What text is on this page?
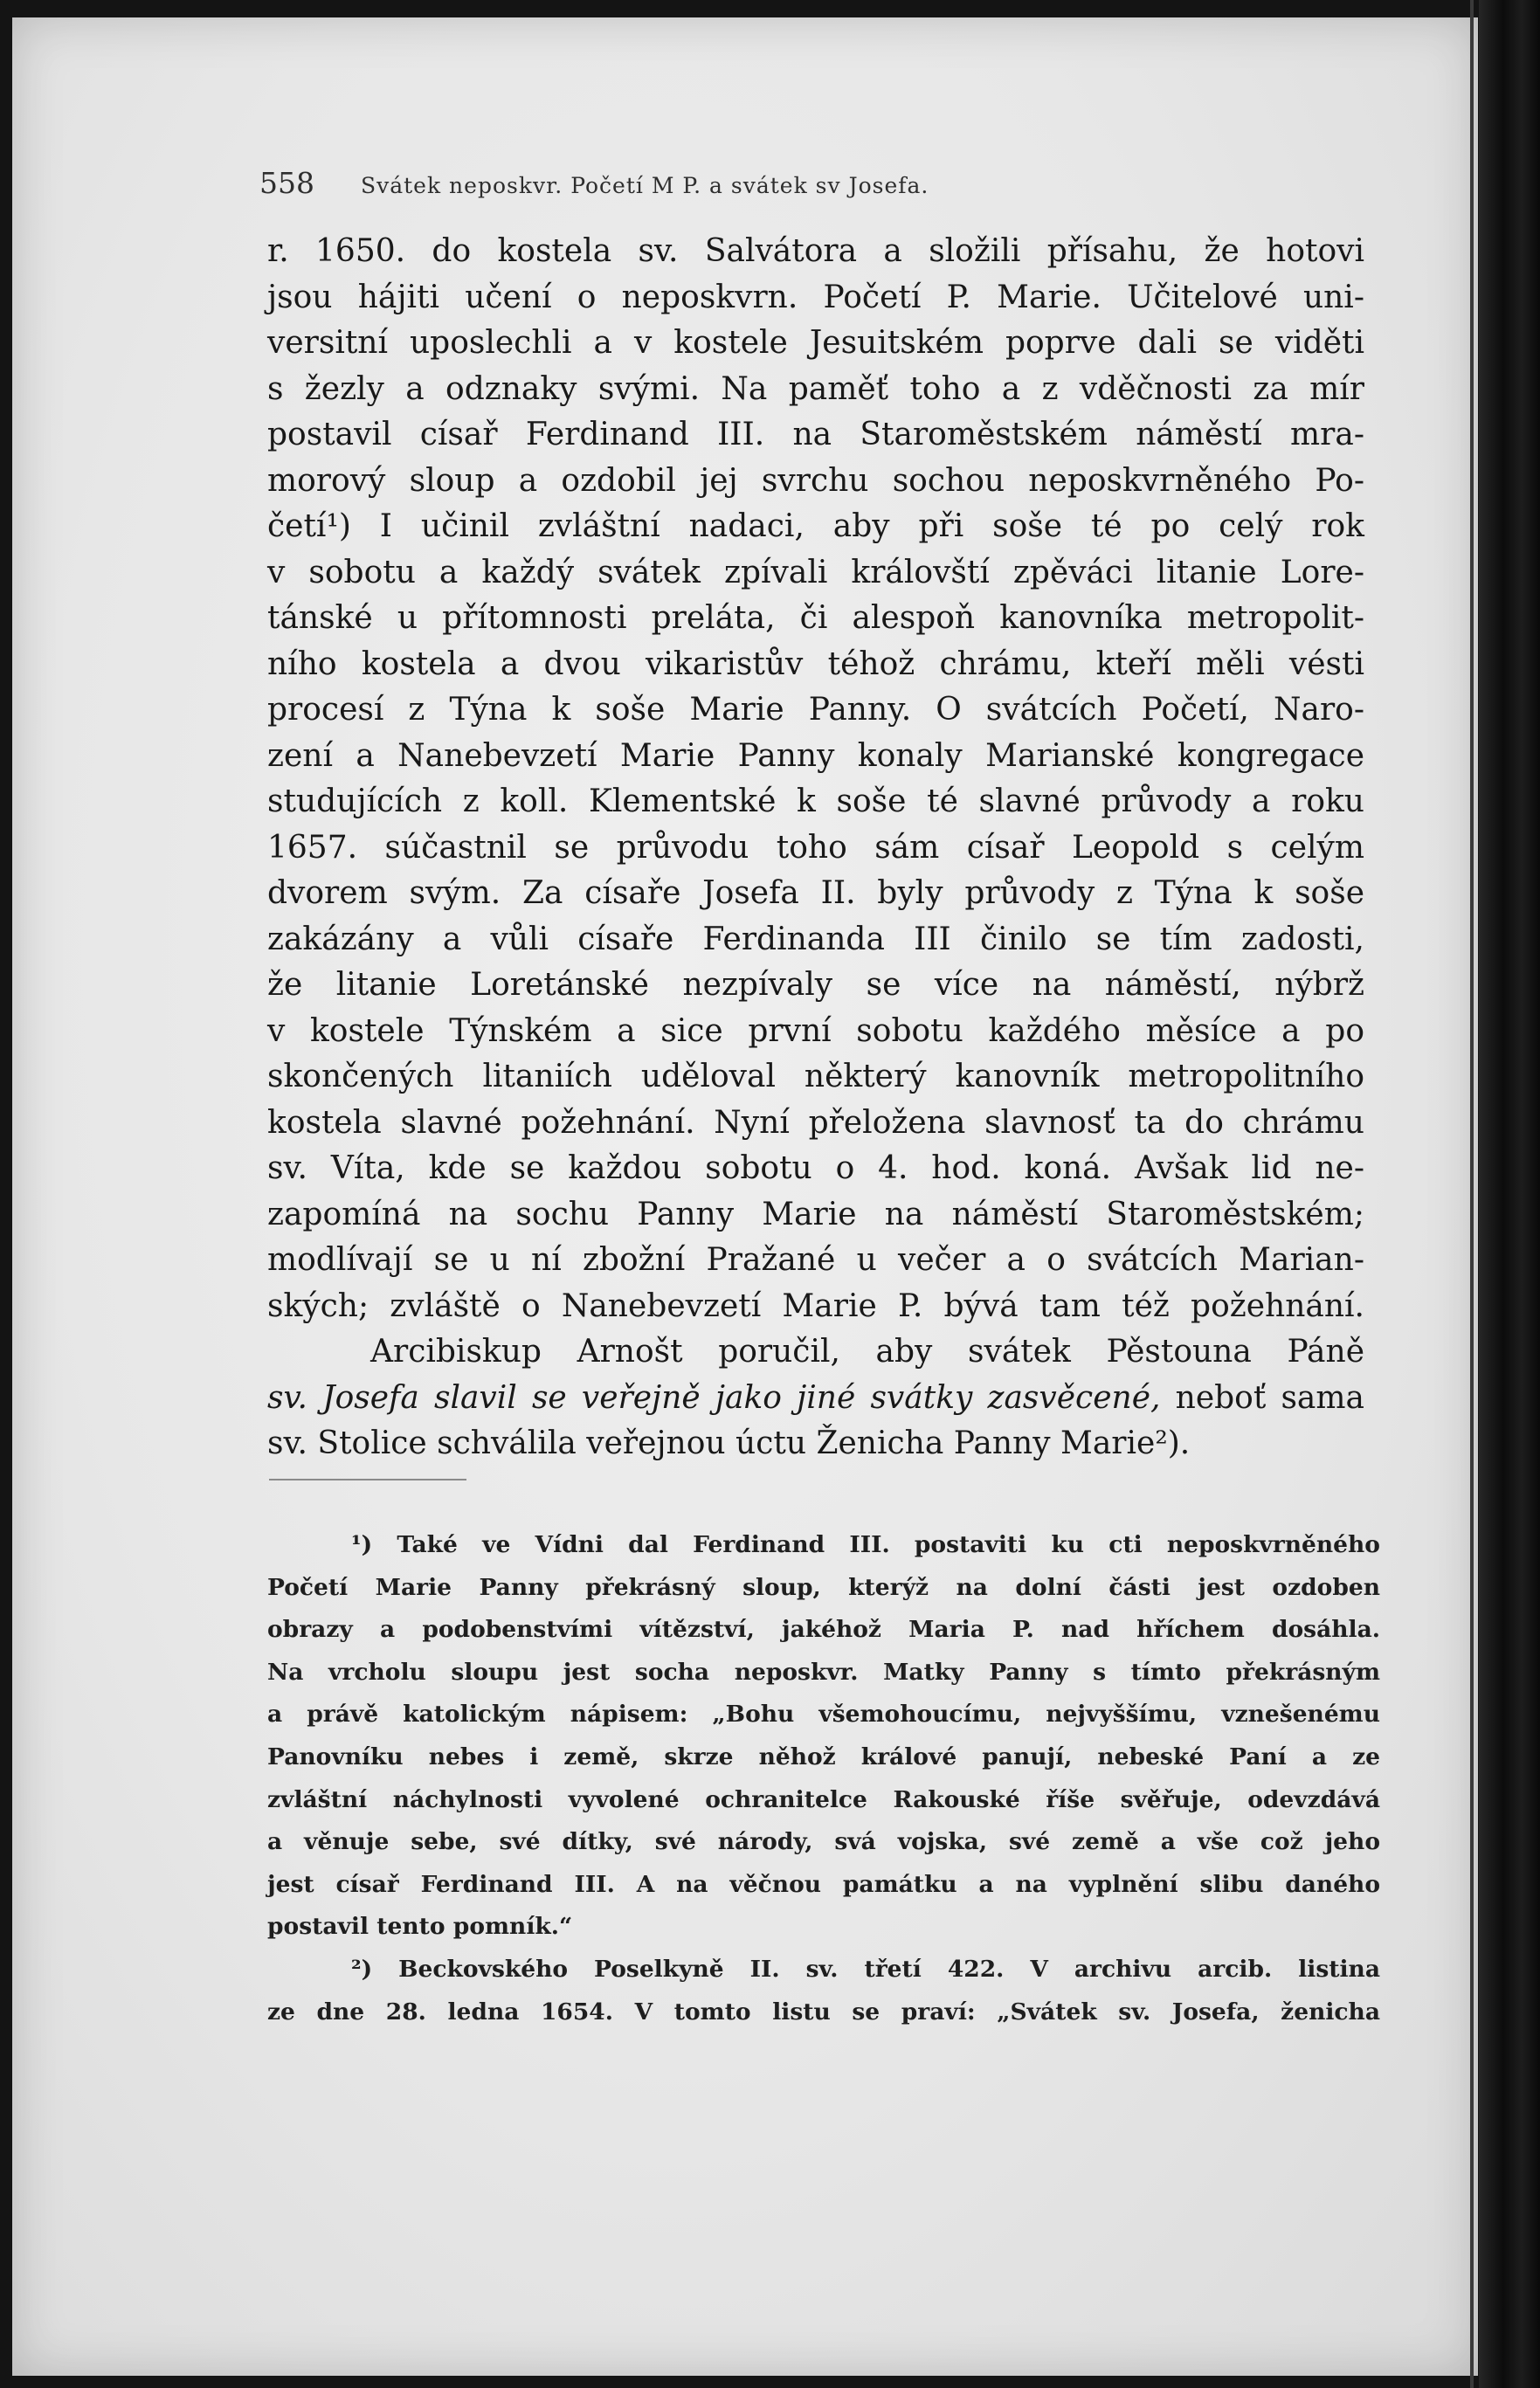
558 Svátek neposkvr. Početí M P. a svátek sv Josefa.
r. 1650. do kostela sv. Salvátora a složili přísahu, že hotovi
jsou hájiti učení o neposkvrn. Početí P. Marie. Učitelové uni-
versitní uposlechli a v kostele Jesuitském poprve dali se viděti
s žezly a odznaky svými. Na paměť toho a z vděčnosti za mír
postavil císař Ferdinand III. na Staroměstském náměstí mra-
morový sloup a ozdobil jej svrchu sochou neposkvrněného Po-
četí¹) I učinil zvláštní nadaci, aby při soše té po celý rok
v sobotu a každý svátek zpívali královští zpěváci litanie Lore-
tánské u přítomnosti preláta, či alespoň kanovníka metropolit-
ního kostela a dvou vikaristův téhož chrámu, kteří měli vésti
procesí z Týna k soše Marie Panny. O svátcích Početí, Naro-
zení a Nanebevzetí Marie Panny konaly Marianské kongregace
studujících z koll. Klementské k soše té slavné průvody a roku
1657. súčastnil se průvodu toho sám císař Leopold s celým
dvorem svým. Za císaře Josefa II. byly průvody z Týna k soše
zakázány a vůli císaře Ferdinanda III činilo se tím zadosti,
že litanie Loretánské nezpívaly se více na náměstí, nýbrž
v kostele Týnském a sice první sobotu každého měsíce a po
skončených litaniích uděloval některý kanovník metropolitního
kostela slavné požehnání. Nyní přeložena slavnosť ta do chrámu
sv. Víta, kde se každou sobotu o 4. hod. koná. Avšak lid ne-
zapomíná na sochu Panny Marie na náměstí Staroměstském;
modlívají se u ní zbožní Pražané u večer a o svátcích Marian-
ských; zvláště o Nanebevzetí Marie P. bývá tam též požehnání.
Arcibiskup Arnošt poručil, aby svátek Pěstouna Páně
sv. Josefa slavil se veřejně jako jiné svátky zasvěcené, neboť sama
sv. Stolice schválila veřejnou úctu Ženicha Panny Marie²).
¹) Také ve Vídni dal Ferdinand III. postaviti ku cti neposkvrněného
Početí Marie Panny překrásný sloup, kterýž na dolní části jest ozdoben
obrazy a podobenstvími vítězství, jakéhož Maria P. nad hříchem dosáhla.
Na vrcholu sloupu jest socha neposkvr. Matky Panny s tímto překrásným
a právě katolickým nápisem: „Bohu všemohoucímu, nejvyššímu, vznešenému
Panovníku nebes i země, skrze něhož králové panují, nebeské Paní a ze
zvláštní náchylnosti vyvolené ochranitelce Rakouské říše svěřuje, odevzdává
a věnuje sebe, své dítky, své národy, svá vojska, své země a vše což jeho
jest císař Ferdinand III. A na věčnou památku a na vyplnění slibu daného
postavil tento pomník.“
²) Beckovského Poselkyně II. sv. třetí 422. V archivu arcib. listina
ze dne 28. ledna 1654. V tomto listu se praví: „Svátek sv. Josefa, ženicha
